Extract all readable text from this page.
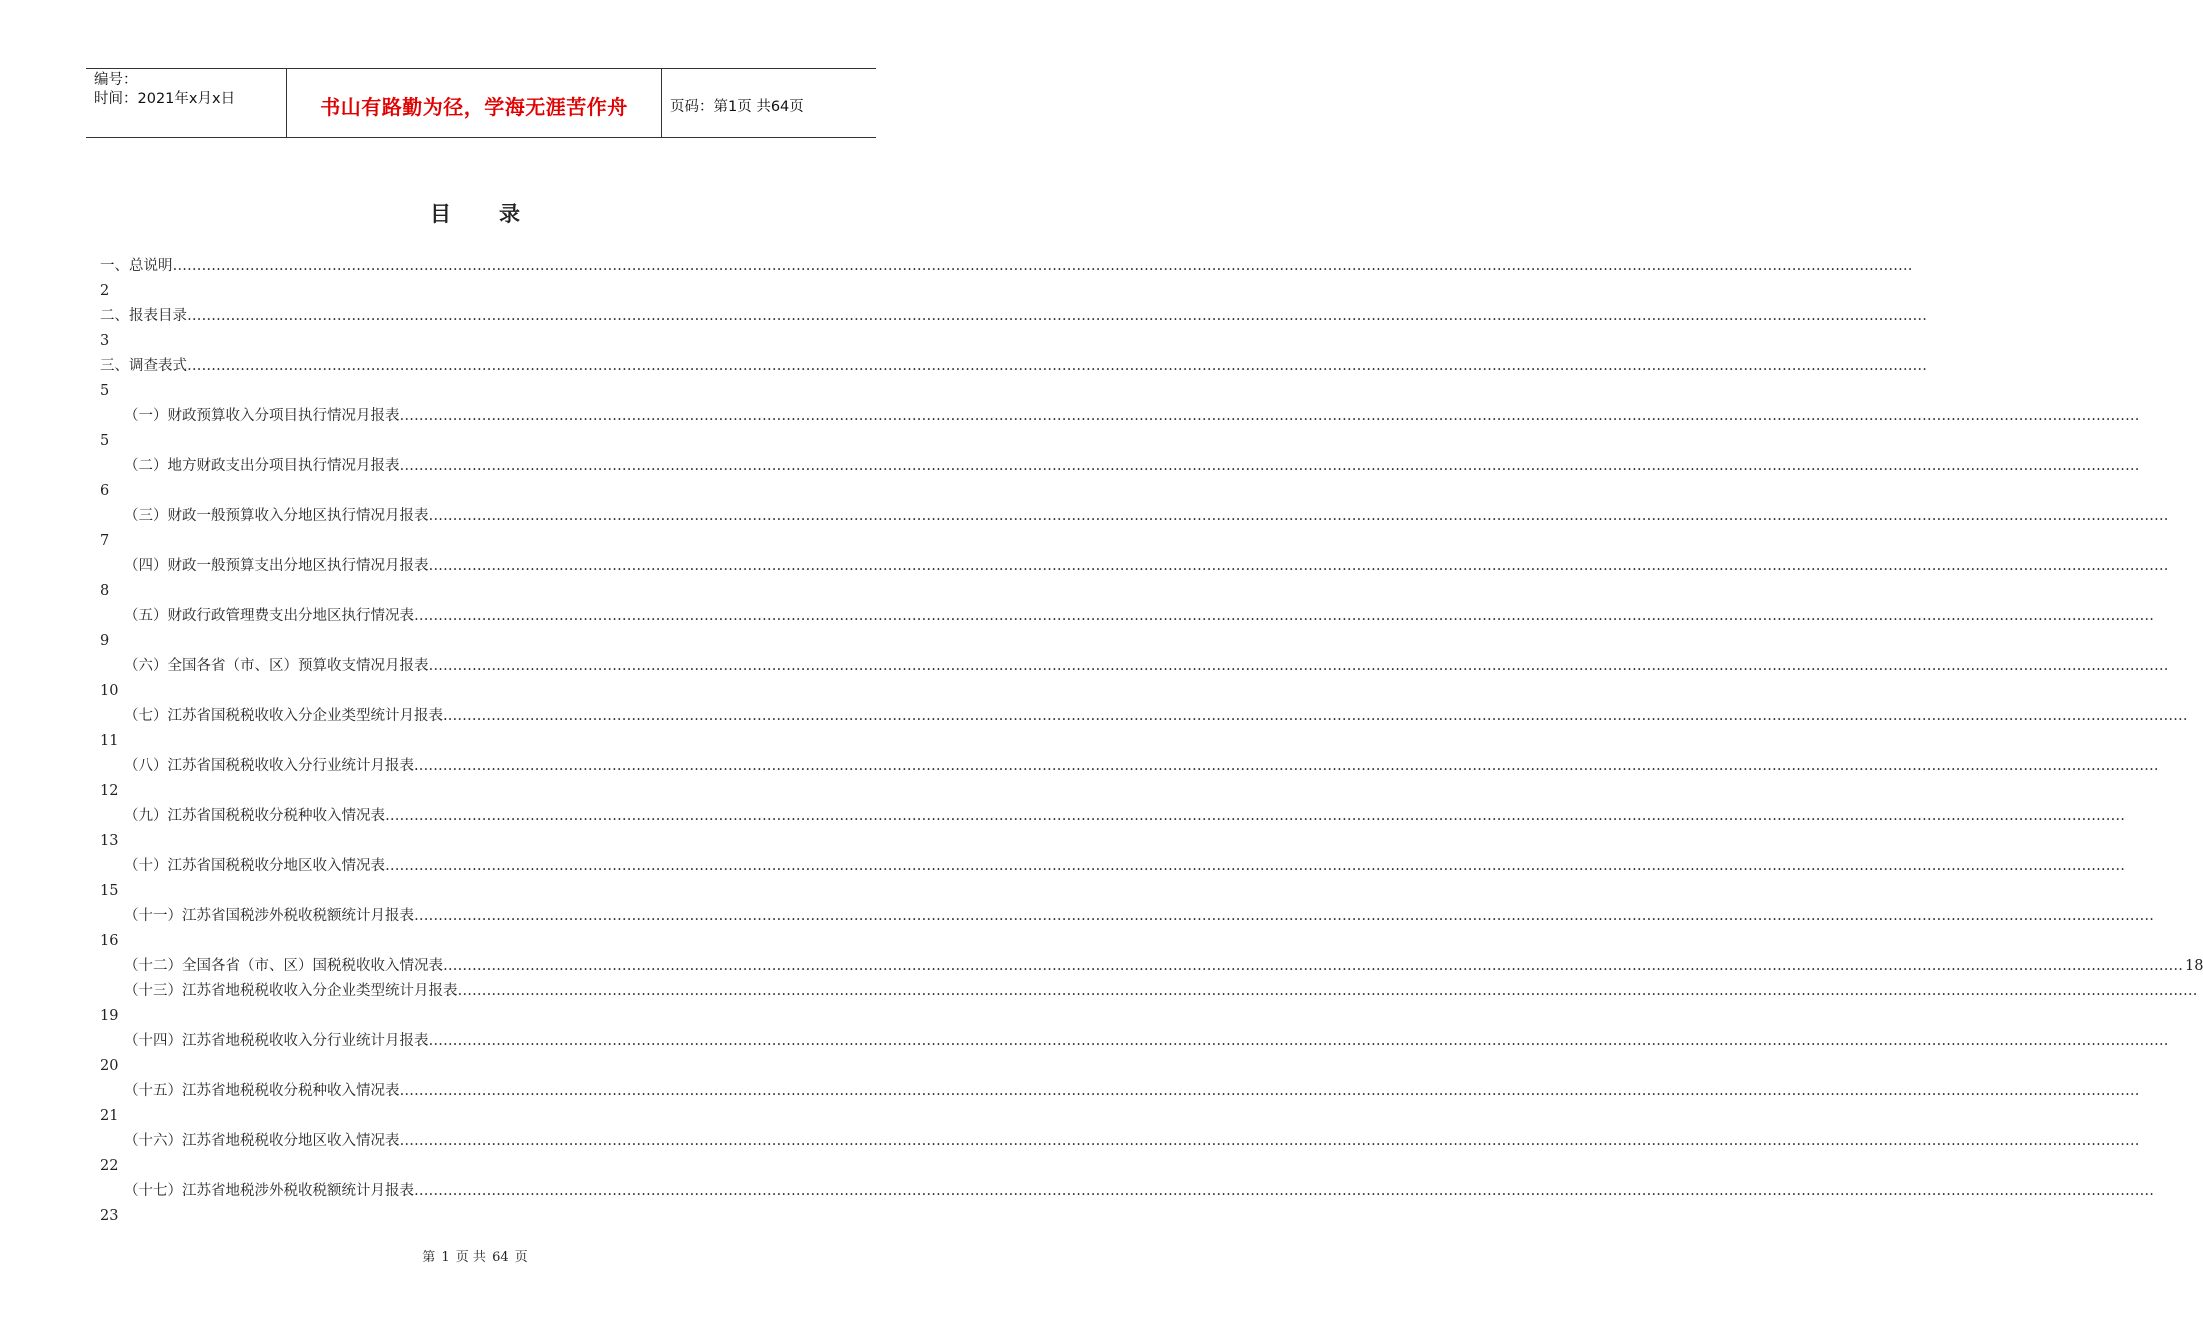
编号：
时间：2021年x月x日	书山有路勤为径，学海无涯苦作舟	页码：第1页 共64页
目 录
一、总说明 ………………………………………………………………………………………………………………………………………………………………………………………………………………………………………………………………………………………………………………………………
2
二、报表目录 ………………………………………………………………………………………………………………………………………………………………………………………………………………………………………………………………………………………………………………………………
3
三、调查表式 ………………………………………………………………………………………………………………………………………………………………………………………………………………………………………………………………………………………………………………………………
5
（一）财政预算收入分项目执行情况月报表 ………………………………………………………………………………………………………………………………………………………………………………………………………………………………………………………………………………………………………………………………
5
（二）地方财政支出分项目执行情况月报表 ………………………………………………………………………………………………………………………………………………………………………………………………………………………………………………………………………………………………………………………………
6
（三）财政一般预算收入分地区执行情况月报表 ………………………………………………………………………………………………………………………………………………………………………………………………………………………………………………………………………………………………………………………………
7
（四）财政一般预算支出分地区执行情况月报表 ………………………………………………………………………………………………………………………………………………………………………………………………………………………………………………………………………………………………………………………………
8
（五）财政行政管理费支出分地区执行情况表 ………………………………………………………………………………………………………………………………………………………………………………………………………………………………………………………………………………………………………………………………
9
（六）全国各省（市、区）预算收支情况月报表 ………………………………………………………………………………………………………………………………………………………………………………………………………………………………………………………………………………………………………………………………
10
（七）江苏省国税税收收入分企业类型统计月报表. ………………………………………………………………………………………………………………………………………………………………………………………………………………………………………………………………………………………………………………………………
11
（八）江苏省国税税收收入分行业统计月报表. ………………………………………………………………………………………………………………………………………………………………………………………………………………………………………………………………………………………………………………………………
12
（九）江苏省国税税收分税种收入情况表 ………………………………………………………………………………………………………………………………………………………………………………………………………………………………………………………………………………………………………………………………
13
（十）江苏省国税税收分地区收入情况表 ………………………………………………………………………………………………………………………………………………………………………………………………………………………………………………………………………………………………………………………………
15
（十一）江苏省国税涉外税收税额统计月报表 ………………………………………………………………………………………………………………………………………………………………………………………………………………………………………………………………………………………………………………………………
16
（十二）全国各省（市、区）国税税收收入情况表 ……………………………………………………………………………………………………………………………………………………………………………………………………………………………………………………………………………………………………………………………… 18
（十三）江苏省地税税收收入分企业类型统计月报表 ………………………………………………………………………………………………………………………………………………………………………………………………………………………………………………………………………………………………………………………………
19
（十四）江苏省地税税收收入分行业统计月报表 ………………………………………………………………………………………………………………………………………………………………………………………………………………………………………………………………………………………………………………………………
20
（十五）江苏省地税税收分税种收入情况表 ………………………………………………………………………………………………………………………………………………………………………………………………………………………………………………………………………………………………………………………………
21
（十六）江苏省地税税收分地区收入情况表 ………………………………………………………………………………………………………………………………………………………………………………………………………………………………………………………………………………………………………………………………
22
（十七）江苏省地税涉外税收税额统计月报表 ………………………………………………………………………………………………………………………………………………………………………………………………………………………………………………………………………………………………………………………………
23
第 1 页 共 64 页
